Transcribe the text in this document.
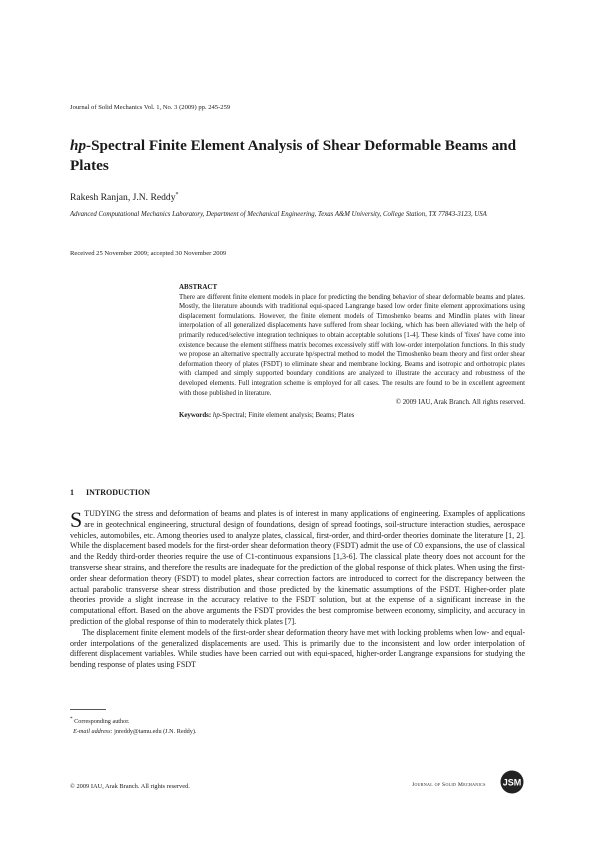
Journal of Solid Mechanics Vol. 1, No. 3 (2009) pp. 245-259
hp-Spectral Finite Element Analysis of Shear Deformable Beams and Plates
Rakesh Ranjan, J.N. Reddy*
Advanced Computational Mechanics Laboratory, Department of Mechanical Engineering, Texas A&M University, College Station, TX 77843-3123, USA
Received 25 November 2009; accepted 30 November 2009
ABSTRACT
There are different finite element models in place for predicting the bending behavior of shear deformable beams and plates. Mostly, the literature abounds with traditional equi-spaced Langrange based low order finite element approximations using displacement formulations. However, the finite element models of Timoshenko beams and Mindlin plates with linear interpolation of all generalized displacements have suffered from shear locking, which has been alleviated with the help of primarily reduced/selective integration techniques to obtain acceptable solutions [1-4]. These kinds of 'fixes' have come into existence because the element stiffness matrix becomes excessively stiff with low-order interpolation functions. In this study we propose an alternative spectrally accurate hp/spectral method to model the Timoshenko beam theory and first order shear deformation theory of plates (FSDT) to eliminate shear and membrane locking. Beams and isotropic and orthotropic plates with clamped and simply supported boundary conditions are analyzed to illustrate the accuracy and robustness of the developed elements. Full integration scheme is employed for all cases. The results are found to be in excellent agreement with those published in literature.
© 2009 IAU, Arak Branch. All rights reserved.
Keywords: hp-Spectral; Finite element analysis; Beams; Plates
1 INTRODUCTION

STUDYING the stress and deformation of beams and plates is of interest in many applications of engineering. Examples of applications are in geotechnical engineering, structural design of foundations, design of spread footings, soil-structure interaction studies, aerospace vehicles, automobiles, etc. Among theories used to analyze plates, classical, first-order, and third-order theories dominate the literature [1, 2]. While the displacement based models for the first-order shear deformation theory (FSDT) admit the use of C0 expansions, the use of classical and the Reddy third-order theories require the use of C1-continuous expansions [1,3-6]. The classical plate theory does not account for the transverse shear strains, and therefore the results are inadequate for the prediction of the global response of thick plates. When using the first-order shear deformation theory (FSDT) to model plates, shear correction factors are introduced to correct for the discrepancy between the actual parabolic transverse shear stress distribution and those predicted by the kinematic assumptions of the FSDT. Higher-order plate theories provide a slight increase in the accuracy relative to the FSDT solution, but at the expense of a significant increase in the computational effort. Based on the above arguments the FSDT provides the best compromise between economy, simplicity, and accuracy in prediction of the global response of thin to moderately thick plates [7].

The displacement finite element models of the first-order shear deformation theory have met with locking problems when low- and equal-order interpolations of the generalized displacements are used. This is primarily due to the inconsistent and low order interpolation of different displacement variables. While studies have been carried out with equi-spaced, higher-order Langrange expansions for studying the bending response of plates using FSDT

* Corresponding author.
E-mail address: jnreddy@tamu.edu (J.N. Reddy).
© 2009 IAU, Arak Branch. All rights reserved.	Journal of Solid Mechanics JSM
